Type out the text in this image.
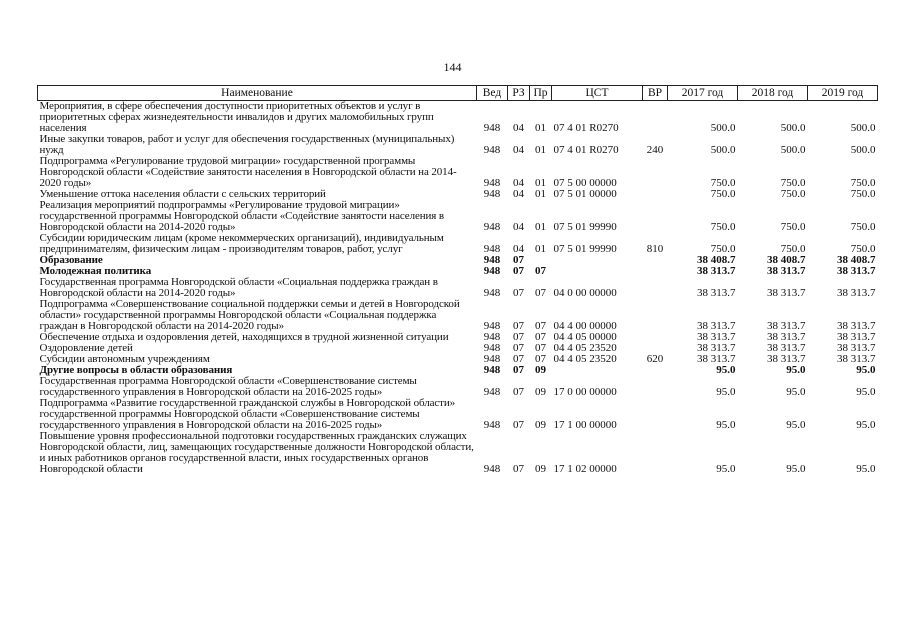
144
Наименование	Вед	РЗ	Пр	ЦСТ	ВР	2017 год	2018 год	2019 год
Мероприятия, в сфере обеспечения доступности приоритетных объектов и услуг в приоритетных сферах жизнедеятельности инвалидов и других маломобильных групп населения	948	04	01	07 4 01 R0270		500.0	500.0	500.0
Иные закупки товаров, работ и услуг для обеспечения государственных (муниципальных) нужд	948	04	01	07 4 01 R0270	240	500.0	500.0	500.0
Подпрограмма «Регулирование трудовой миграции» государственной программы Новгородской области «Содействие занятости населения в Новгородской области на 2014-2020 годы»	948	04	01	07 5 00 00000		750.0	750.0	750.0
Уменьшение оттока населения области с сельских территорий	948	04	01	07 5 01 00000		750.0	750.0	750.0
Реализация мероприятий подпрограммы «Регулирование трудовой миграции» государственной программы Новгородской области «Содействие занятости населения в Новгородской области на 2014-2020 годы»	948	04	01	07 5 01 99990		750.0	750.0	750.0
Субсидии юридическим лицам (кроме некоммерческих организаций), индивидуальным предпринимателям, физическим лицам - производителям товаров, работ, услуг	948	04	01	07 5 01 99990	810	750.0	750.0	750.0
Образование	948	07				38 408.7	38 408.7	38 408.7
Молодежная политика	948	07	07			38 313.7	38 313.7	38 313.7
Государственная программа Новгородской области «Социальная поддержка граждан в Новгородской области на 2014-2020 годы»	948	07	07	04 0 00 00000		38 313.7	38 313.7	38 313.7
Подпрограмма «Совершенствование социальной поддержки семьи и детей в Новгородской области» государственной программы Новгородской области «Социальная поддержка граждан в Новгородской области на 2014-2020 годы»	948	07	07	04 4 00 00000		38 313.7	38 313.7	38 313.7
Обеспечение отдыха и оздоровления детей, находящихся в трудной жизненной ситуации	948	07	07	04 4 05 00000		38 313.7	38 313.7	38 313.7
Оздоровление детей	948	07	07	04 4 05 23520		38 313.7	38 313.7	38 313.7
Субсидии автономным учреждениям	948	07	07	04 4 05 23520	620	38 313.7	38 313.7	38 313.7
Другие вопросы в области образования	948	07	09			95.0	95.0	95.0
Государственная программа Новгородской области «Совершенствование системы государственного управления в Новгородской области на 2016-2025 годы»	948	07	09	17 0 00 00000		95.0	95.0	95.0
Подпрограмма «Развитие государственной гражданской службы в Новгородской области» государственной программы Новгородской области «Совершенствование системы государственного управления в Новгородской области на 2016-2025 годы»	948	07	09	17 1 00 00000		95.0	95.0	95.0
Повышение уровня профессиональной подготовки государственных гражданских служащих Новгородской области, лиц, замещающих государственные должности Новгородской области, и иных работников органов государственной власти, иных государственных органов Новгородской области	948	07	09	17 1 02 00000		95.0	95.0	95.0
